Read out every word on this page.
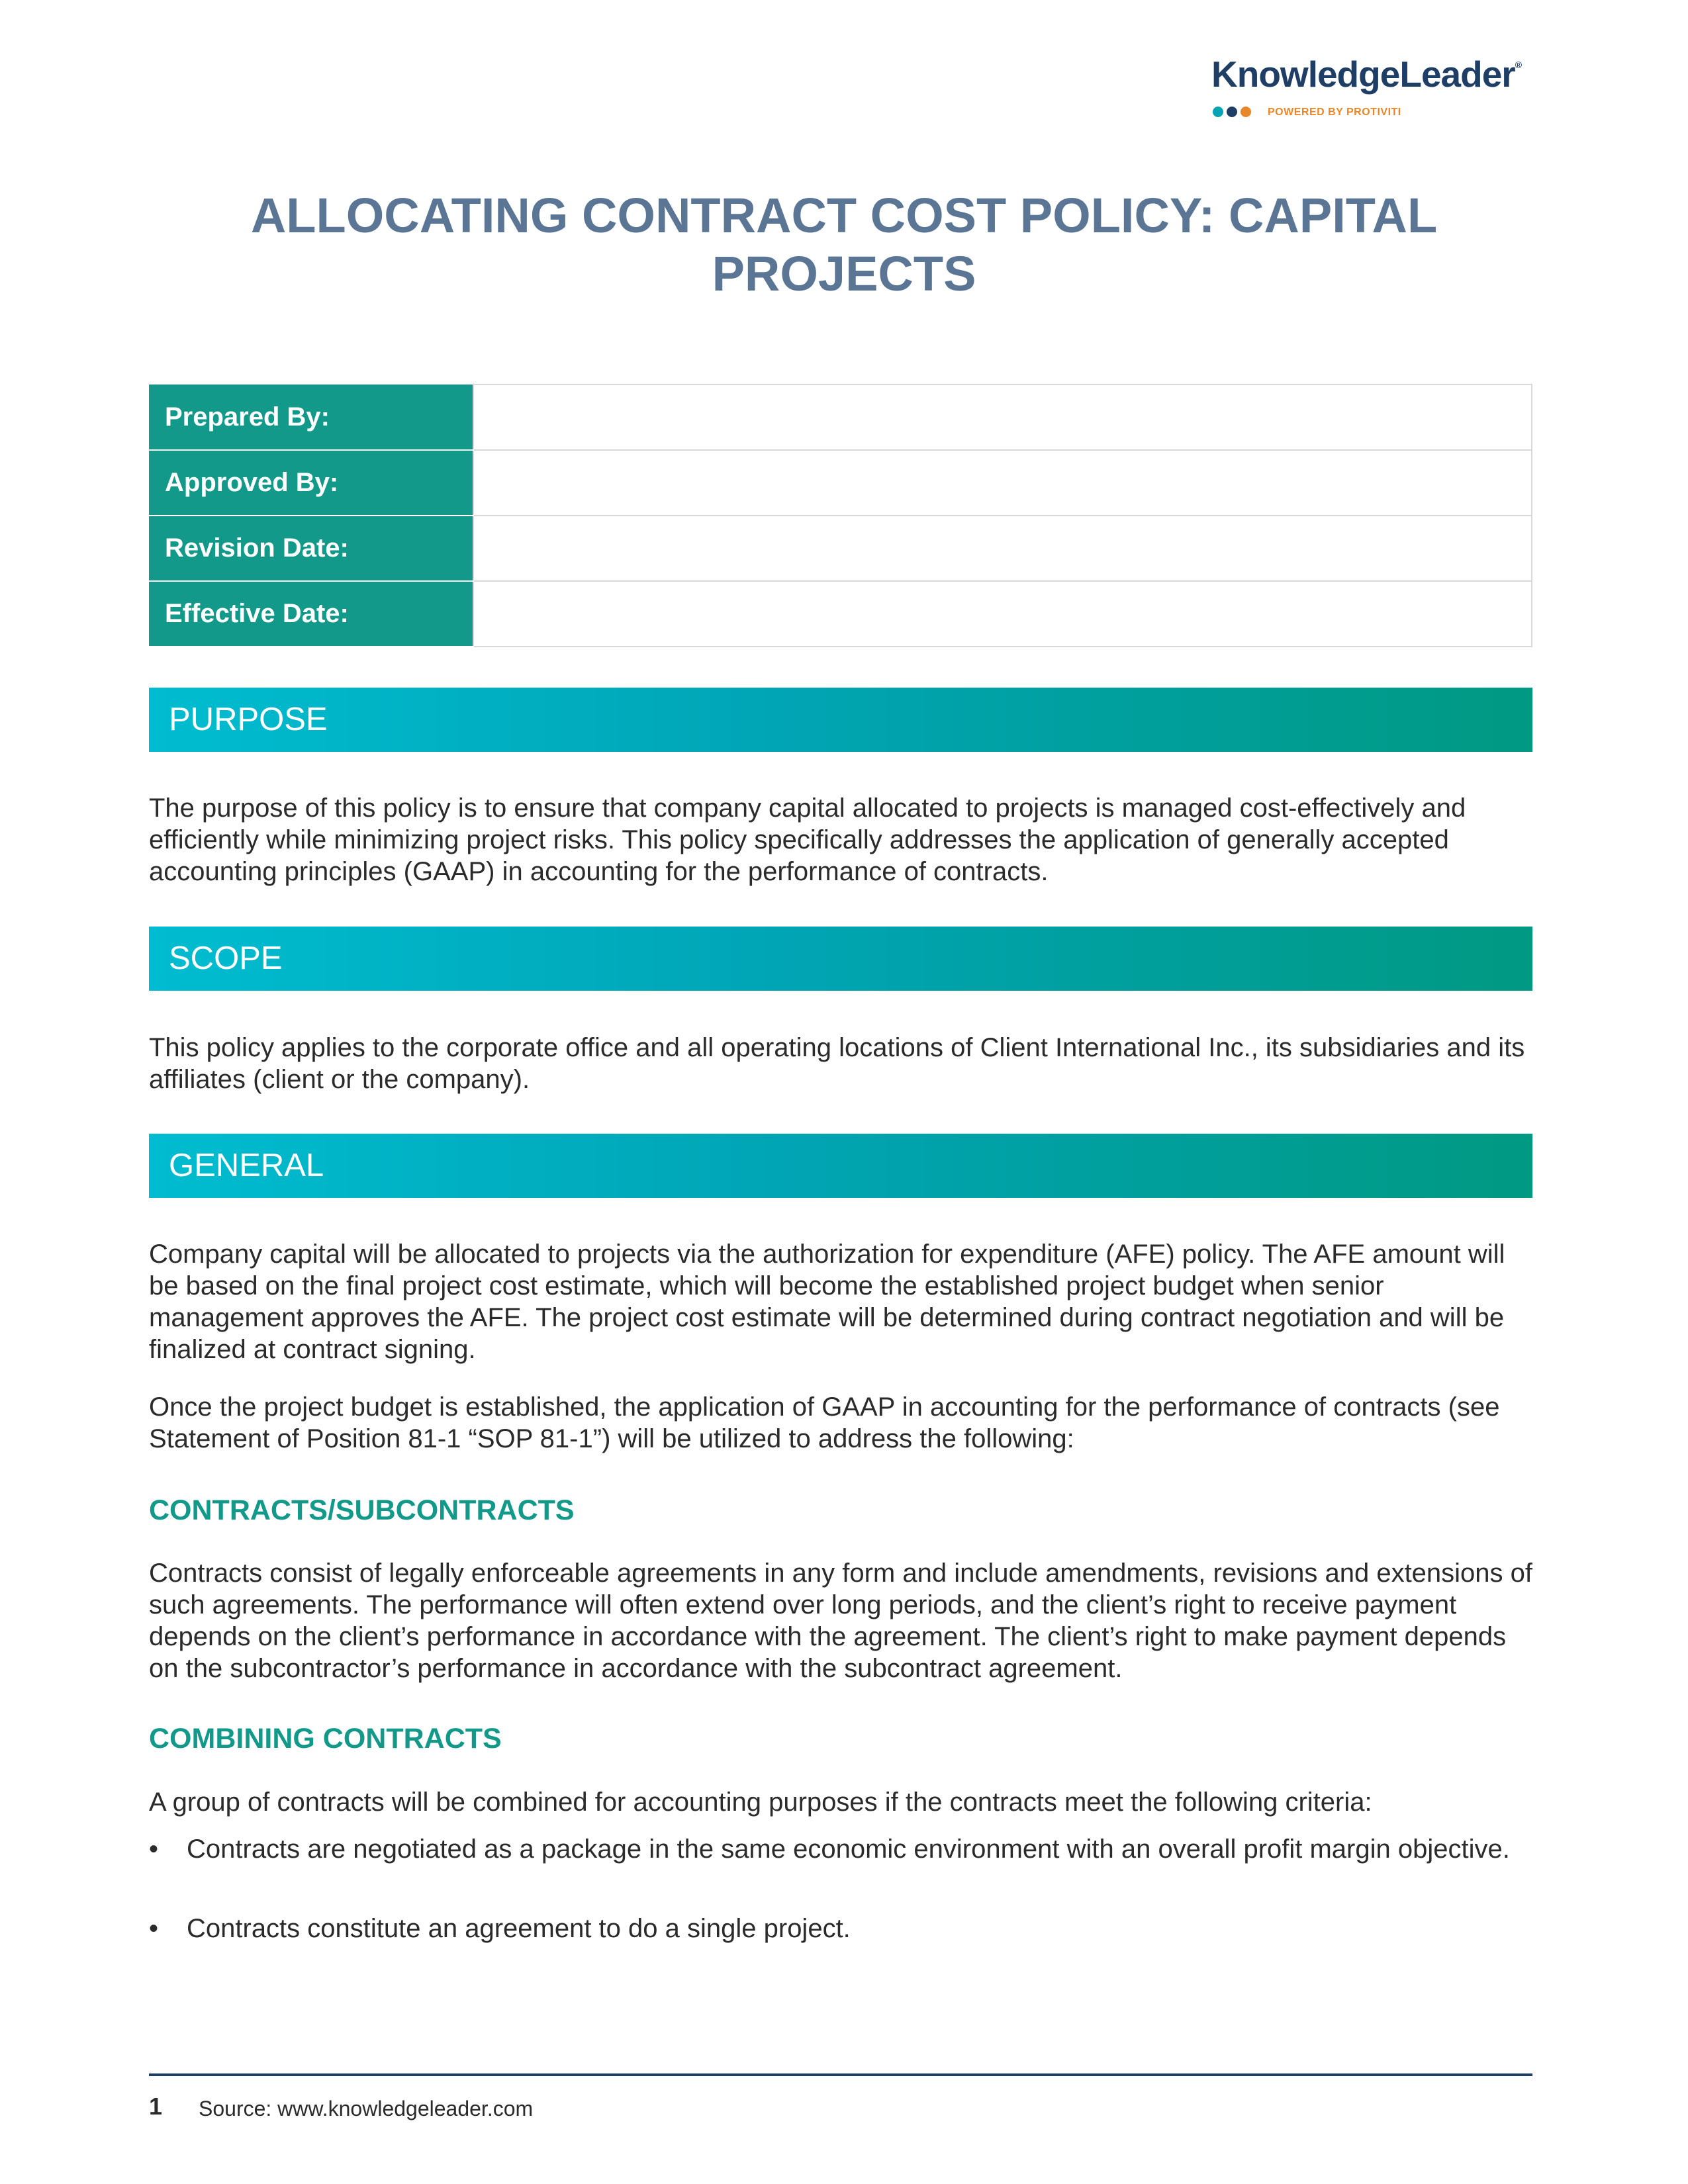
KnowledgeLeader®
POWERED BY PROTIVITI
ALLOCATING CONTRACT COST POLICY: CAPITAL PROJECTS
Prepared By:	
Approved By:	
Revision Date:	
Effective Date:	
PURPOSE

The purpose of this policy is to ensure that company capital allocated to projects is managed cost-effectively and efficiently while minimizing project risks. This policy specifically addresses the application of generally accepted accounting principles (GAAP) in accounting for the performance of contracts.

SCOPE

This policy applies to the corporate office and all operating locations of Client International Inc., its subsidiaries and its affiliates (client or the company).

GENERAL

Company capital will be allocated to projects via the authorization for expenditure (AFE) policy. The AFE amount will be based on the final project cost estimate, which will become the established project budget when senior management approves the AFE. The project cost estimate will be determined during contract negotiation and will be finalized at contract signing.

Once the project budget is established, the application of GAAP in accounting for the performance of contracts (see Statement of Position 81-1 “SOP 81-1”) will be utilized to address the following:

CONTRACTS/SUBCONTRACTS

Contracts consist of legally enforceable agreements in any form and include amendments, revisions and extensions of such agreements. The performance will often extend over long periods, and the client’s right to receive payment depends on the client’s performance in accordance with the agreement. The client’s right to make payment depends on the subcontractor’s performance in accordance with the subcontract agreement.

COMBINING CONTRACTS

A group of contracts will be combined for accounting purposes if the contracts meet the following criteria:

•	Contracts are negotiated as a package in the same economic environment with an overall profit margin objective.
•	Contracts constitute an agreement to do a single project.
1 Source: www.knowledgeleader.com
